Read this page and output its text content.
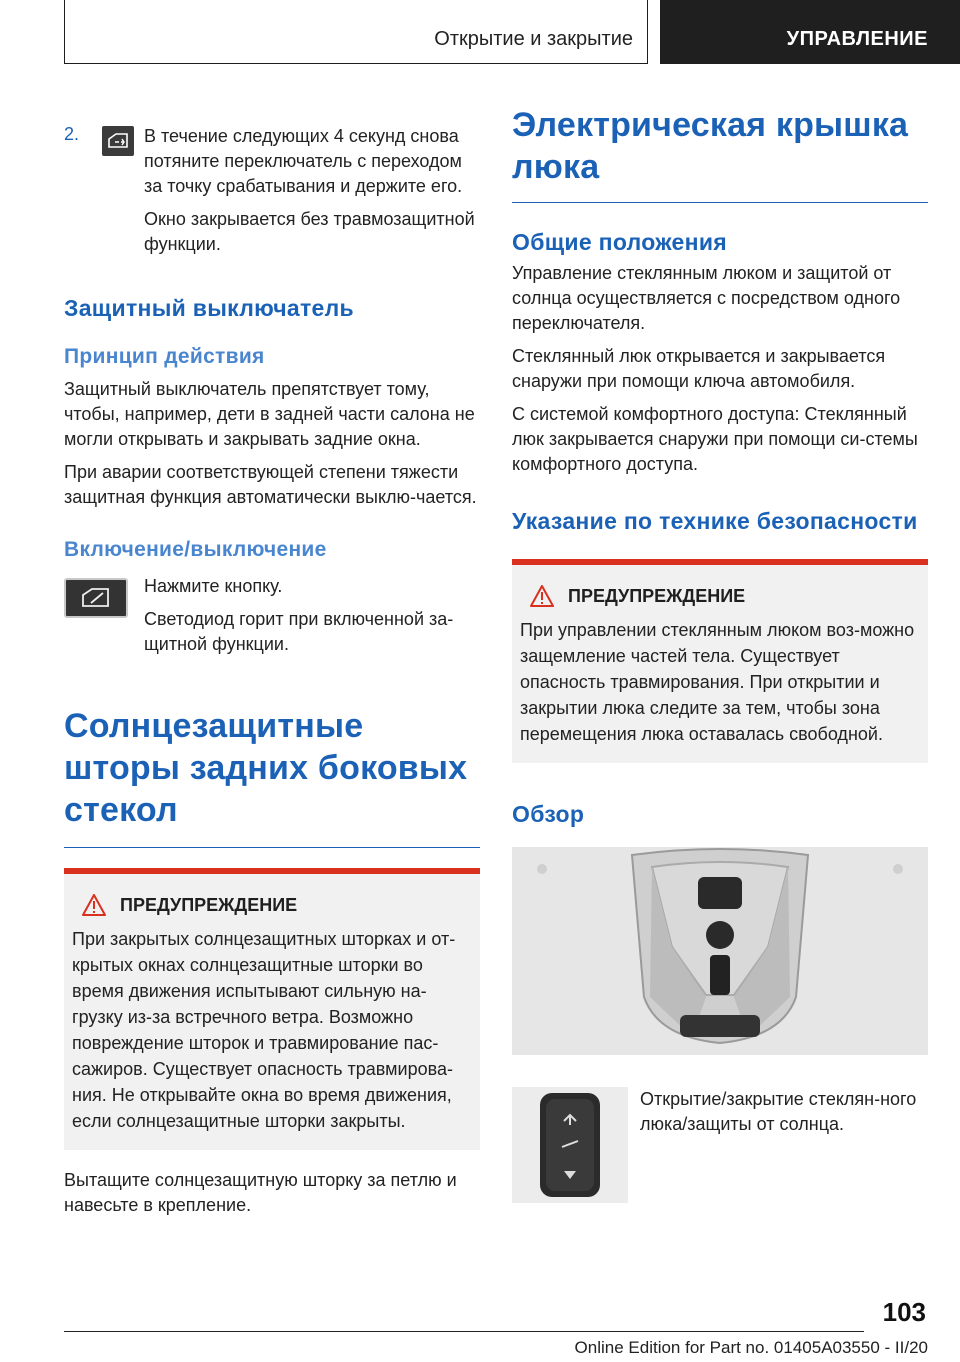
Открытие и закрытие	УПРАВЛЕНИЕ
2.	В течение следующих 4 секунд снова потяните переключатель с переходом за точку срабатывания и держите его.

Окно закрывается без травмозащитной функции.

Защитный выключатель
Принцип действия

Защитный выключатель препятствует тому, чтобы, например, дети в задней части салона не могли открывать и закрывать задние окна.

При аварии соответствующей степени тяжести защитная функция автоматически выклю‐чается.

Включение/выключение

Нажмите кнопку.

Светодиод горит при включенной за‐щитной функции.

Солнцезащитные шторы задних боковых стекол
ПРЕДУПРЕЖДЕНИЕ

При закрытых солнцезащитных шторках и от‐крытых окнах солнцезащитные шторки во время движения испытывают сильную на‐грузку из-за встречного ветра. Возможно повреждение шторок и травмирование пас‐сажиров. Существует опасность травмирова‐ния. Не открывайте окна во время движения, если солнцезащитные шторки закрыты.

Вытащите солнцезащитную шторку за петлю и навесьте в крепление.

Электрическая крышка люка
Общие положения

Управление стеклянным люком и защитой от солнца осуществляется с посредством одного переключателя.

Стеклянный люк открывается и закрывается снаружи при помощи ключа автомобиля.

С системой комфортного доступа: Стеклянный люк закрывается снаружи при помощи си‐стемы комфортного доступа.

Указание по технике безопасности
ПРЕДУПРЕЖДЕНИЕ

При управлении стеклянным люком воз‐можно защемление частей тела. Существует опасность травмирования. При открытии и закрытии люка следите за тем, чтобы зона перемещения люка оставалась свободной.

Обзор

Открытие/закрытие стеклян‐ного люка/защиты от солнца.

103
Online Edition for Part no. 01405A03550 - II/20
